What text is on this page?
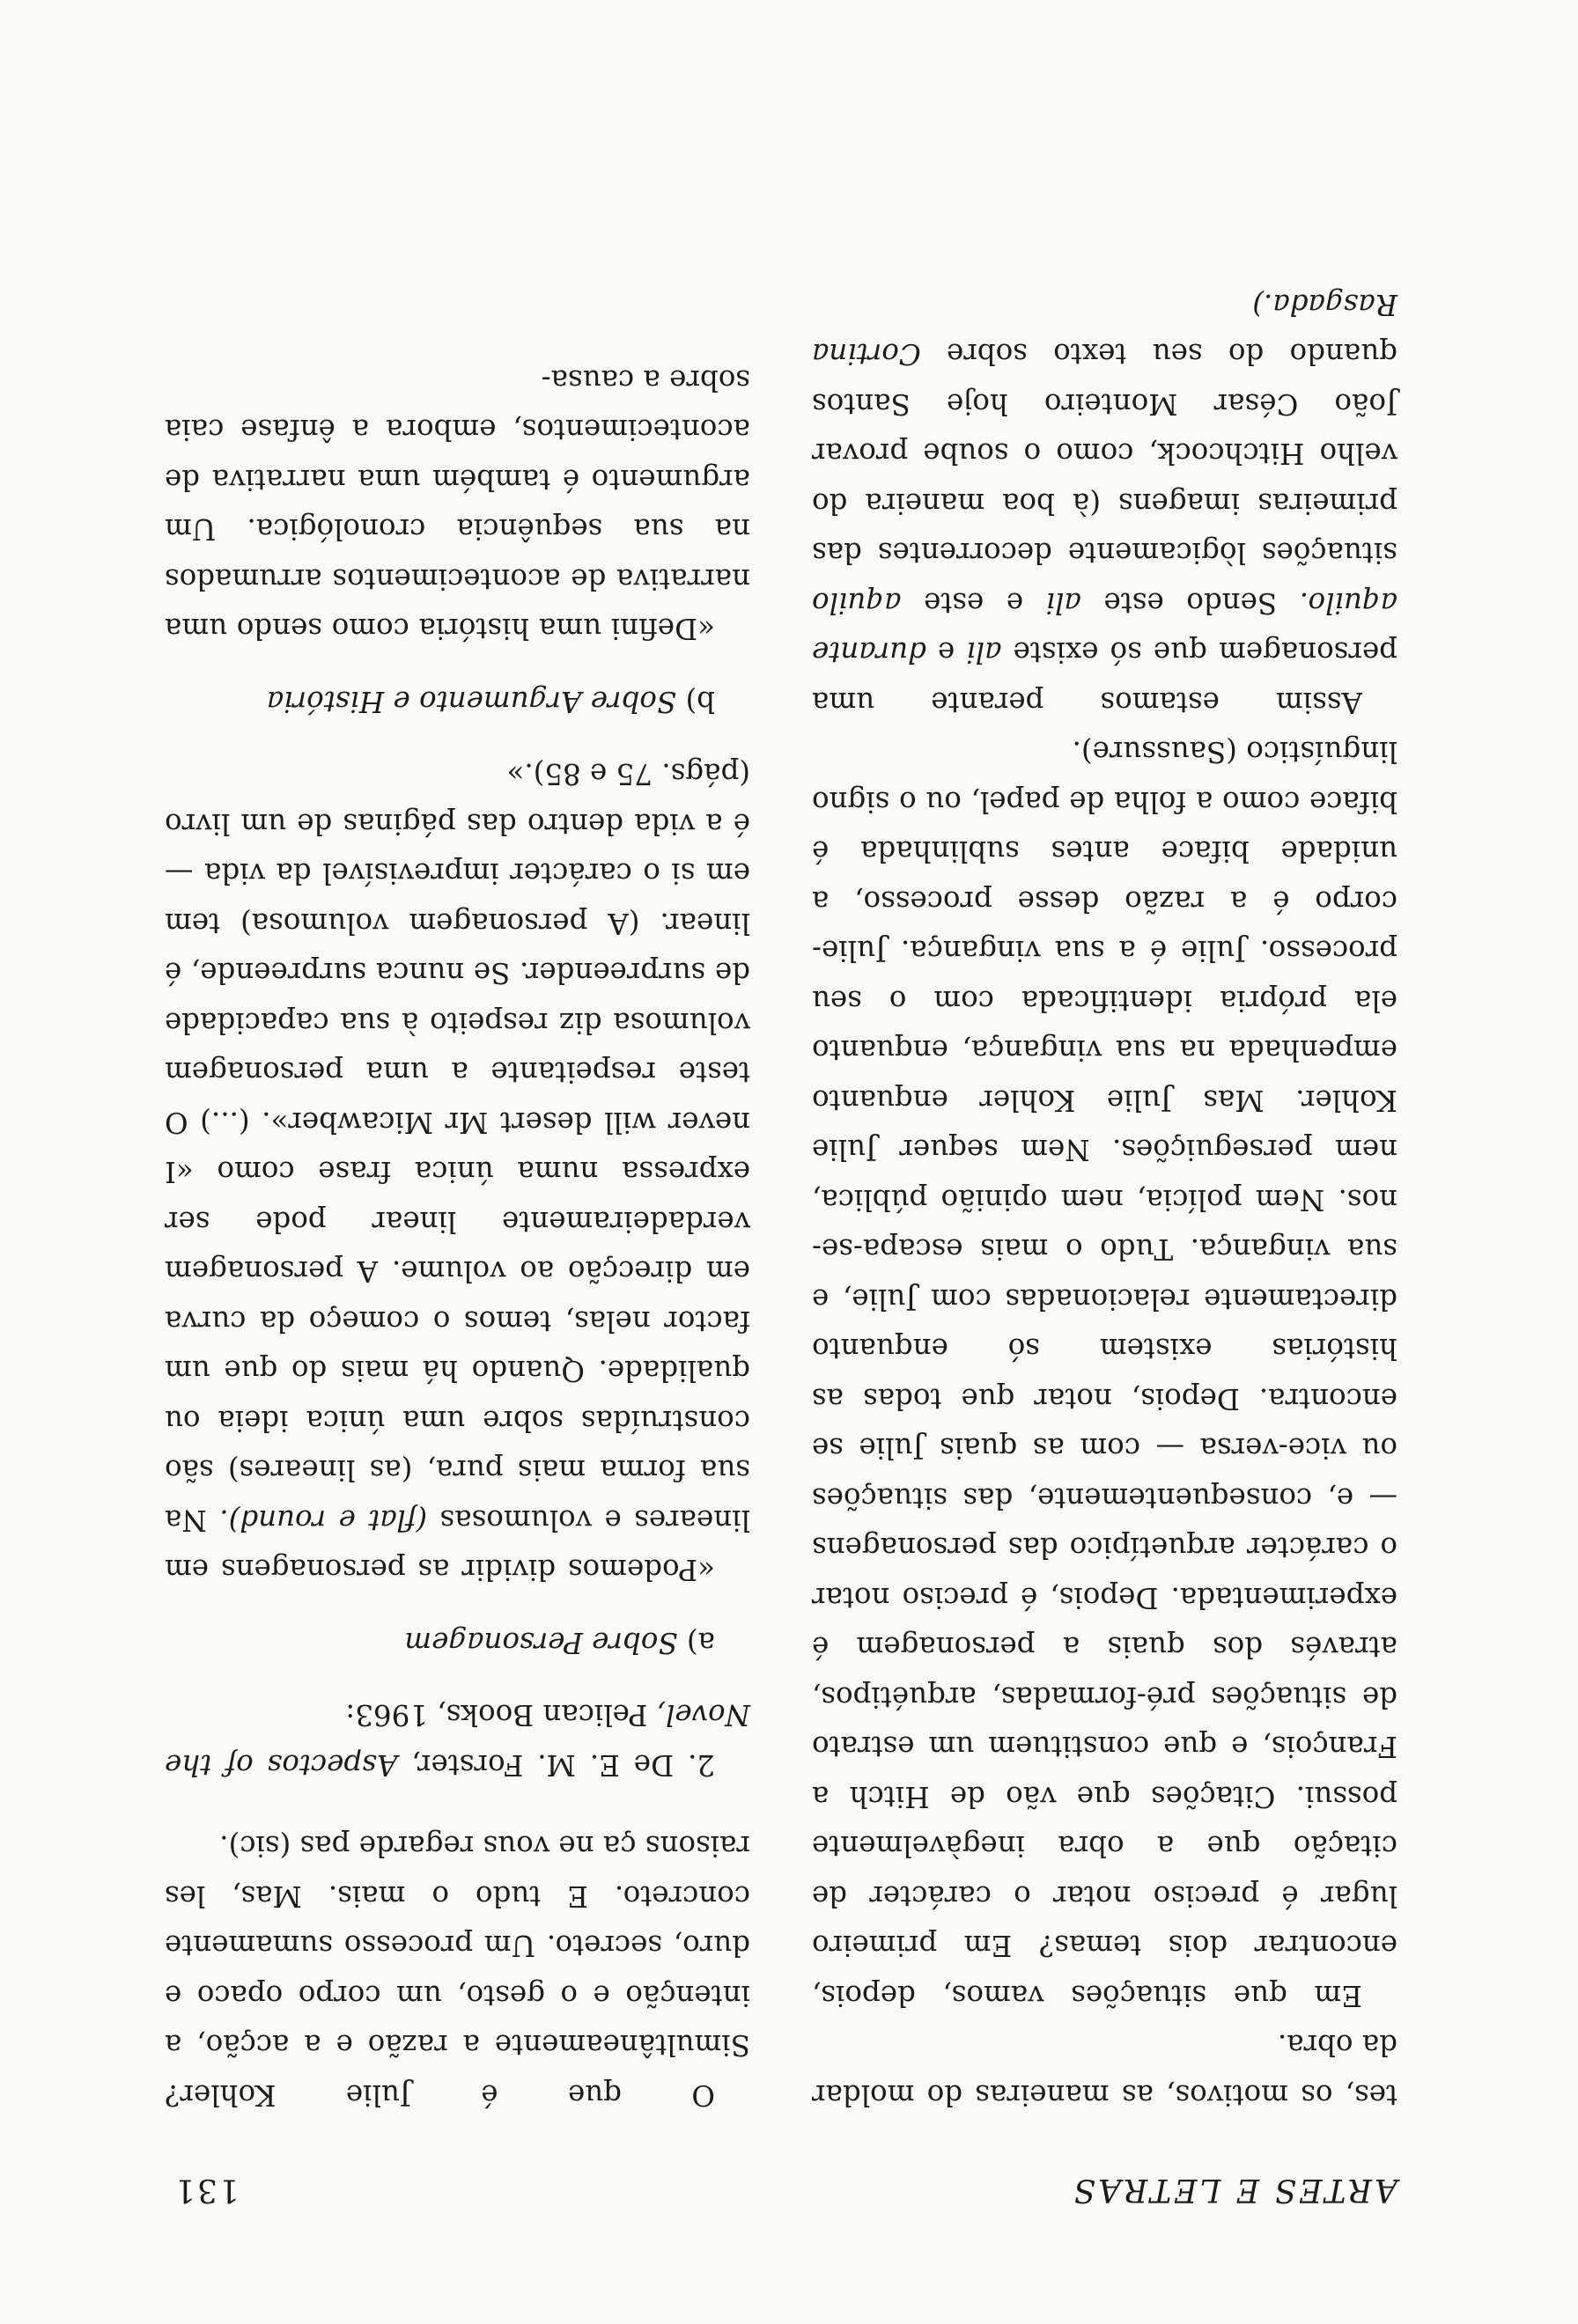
ARTES E LETRAS
131

tes, os motivos, as maneiras do moldar da obra.

Em que situações vamos, depois, encontrar dois temas? Em primeiro lugar é preciso notar o carácter de citação que a obra inegàvelmente possui. Citações que vão de Hitch a François, e que constituem um estrato de situações pré-formadas, arquétipos, através dos quais a personagem é experimentada. Depois, é preciso notar o carácter arquetípico das personagens — e, consequentemente, das situações ou vice-versa — com as quais Julie se encontra. Depois, notar que todas as histórias existem só enquanto directamente relacionadas com Julie, e sua vingança. Tudo o mais escapa-se-nos. Nem polícia, nem opinião pública, nem perseguições. Nem sequer Julie Kohler. Mas Julie Kohler enquanto empenhada na sua vingança, enquanto ela própria identificada com o seu processo. Julie é a sua vingança. Julie-corpo é a razão desse processo, a unidade biface antes sublinhada é biface como a folha de papel, ou o signo linguístico (Saussure).

Assim estamos perante uma personagem que só existe ali e durante aquilo. Sendo este ali e este aquilo situações lògicamente decorrentes das primeiras imagens (à boa maneira do velho Hitchcock, como o soube provar João César Monteiro hoje Santos quando do seu texto sobre Cortina Rasgada.)

O que é Julie Kohler? Simultâneamente a razão e a acção, a intenção e o gesto, um corpo opaco e duro, secreto. Um processo sumamente concreto. E tudo o mais. Mas, les raisons ça ne vous regarde pas (sic).

2. De E. M. Forster, Aspectos of the Novel, Pelican Books, 1963:

a) Sobre Personagem

«Podemos dividir as personagens em lineares e volumosas (flat e round). Na sua forma mais pura, (as lineares) são construídas sobre uma única ideia ou qualidade. Quando há mais do que um factor nelas, temos o começo da curva em direcção ao volume. A personagem verdadeiramente linear pode ser expressa numa única frase como «I never will desert Mr Micawber». (...) O teste respeitante a uma personagem volumosa diz respeito à sua capacidade de surpreender. Se nunca surpreende, é linear. (A personagem volumosa) tem em si o carácter imprevisível da vida — é a vida dentro das páginas de um livro (págs. 75 e 85).»

b) Sobre Argumento e História

«Defini uma história como sendo uma narrativa de acontecimentos arrumados na sua sequência cronológica. Um argumento é também uma narrativa de acontecimentos, embora a ênfase caia sobre a causa-
